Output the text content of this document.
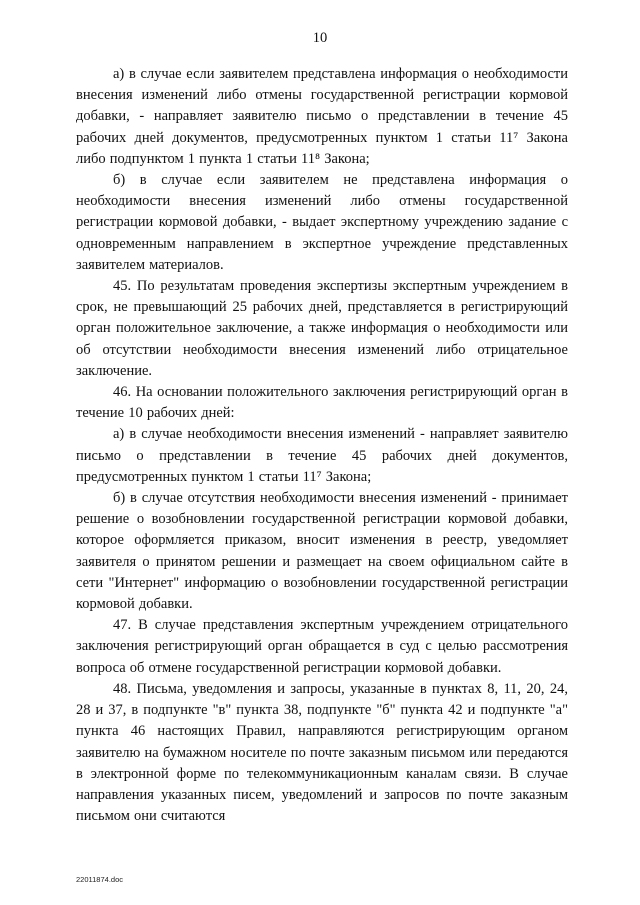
10

а) в случае если заявителем представлена информация о необходимости внесения изменений либо отмены государственной регистрации кормовой добавки, - направляет заявителю письмо о представлении в течение 45 рабочих дней документов, предусмотренных пунктом 1 статьи 11⁷ Закона либо подпунктом 1 пункта 1 статьи 11⁸ Закона;

б) в случае если заявителем не представлена информация о необходимости внесения изменений либо отмены государственной регистрации кормовой добавки, - выдает экспертному учреждению задание с одновременным направлением в экспертное учреждение представленных заявителем материалов.

45. По результатам проведения экспертизы экспертным учреждением в срок, не превышающий 25 рабочих дней, представляется в регистрирующий орган положительное заключение, а также информация о необходимости или об отсутствии необходимости внесения изменений либо отрицательное заключение.

46. На основании положительного заключения регистрирующий орган в течение 10 рабочих дней:

а) в случае необходимости внесения изменений - направляет заявителю письмо о представлении в течение 45 рабочих дней документов, предусмотренных пунктом 1 статьи 11⁷ Закона;

б) в случае отсутствия необходимости внесения изменений - принимает решение о возобновлении государственной регистрации кормовой добавки, которое оформляется приказом, вносит изменения в реестр, уведомляет заявителя о принятом решении и размещает на своем официальном сайте в сети "Интернет" информацию о возобновлении государственной регистрации кормовой добавки.

47. В случае представления экспертным учреждением отрицательного заключения регистрирующий орган обращается в суд с целью рассмотрения вопроса об отмене государственной регистрации кормовой добавки.

48. Письма, уведомления и запросы, указанные в пунктах 8, 11, 20, 24, 28 и 37, в подпункте "в" пункта 38, подпункте "б" пункта 42 и подпункте "а" пункта 46 настоящих Правил, направляются регистрирующим органом заявителю на бумажном носителе по почте заказным письмом или передаются в электронной форме по телекоммуникационным каналам связи. В случае направления указанных писем, уведомлений и запросов по почте заказным письмом они считаются

22011874.doc
